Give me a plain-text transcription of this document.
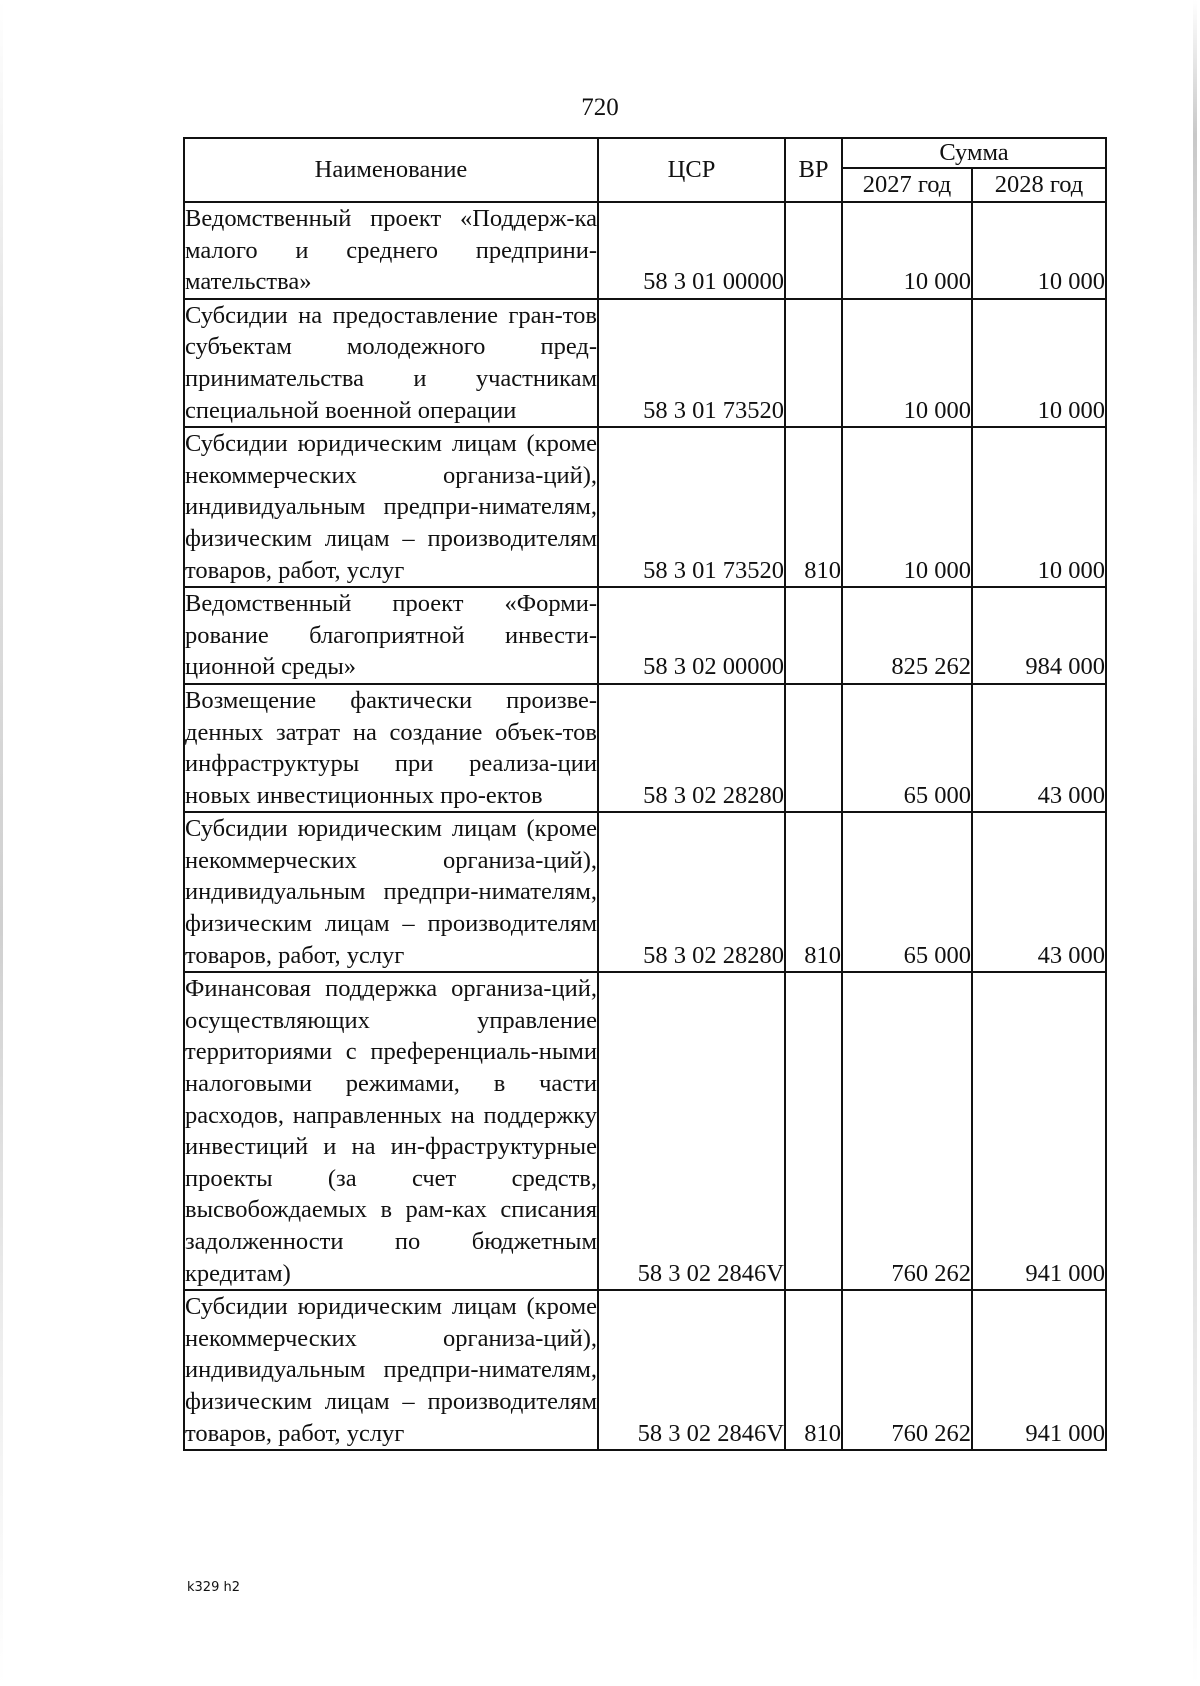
720
Наименование	ЦСР	ВР	Сумма	
			2027 год	2028 год
Ведомственный проект «Поддерж-ка малого и среднего предприни-мательства»	58 3 01 00000		10 000	10 000
Субсидии на предоставление гран-тов субъектам молодежного пред-принимательства и участникам специальной военной операции	58 3 01 73520		10 000	10 000
Субсидии юридическим лицам (кроме некоммерческих организа-ций), индивидуальным предпри-нимателям, физическим лицам – производителям товаров, работ, услуг	58 3 01 73520	810	10 000	10 000
Ведомственный проект «Форми-рование благоприятной инвести-ционной среды»	58 3 02 00000		825 262	984 000
Возмещение фактически произве-денных затрат на создание объек-тов инфраструктуры при реализа-ции новых инвестиционных про-ектов	58 3 02 28280		65 000	43 000
Субсидии юридическим лицам (кроме некоммерческих организа-ций), индивидуальным предпри-нимателям, физическим лицам – производителям товаров, работ, услуг	58 3 02 28280	810	65 000	43 000
Финансовая поддержка организа-ций, осуществляющих управление территориями с преференциаль-ными налоговыми режимами, в части расходов, направленных на поддержку инвестиций и на ин-фраструктурные проекты (за счет средств, высвобождаемых в рам-ках списания задолженности по бюджетным кредитам)	58 3 02 2846V		760 262	941 000
Субсидии юридическим лицам (кроме некоммерческих организа-ций), индивидуальным предпри-нимателям, физическим лицам – производителям товаров, работ, услуг	58 3 02 2846V	810	760 262	941 000
k329 h2
